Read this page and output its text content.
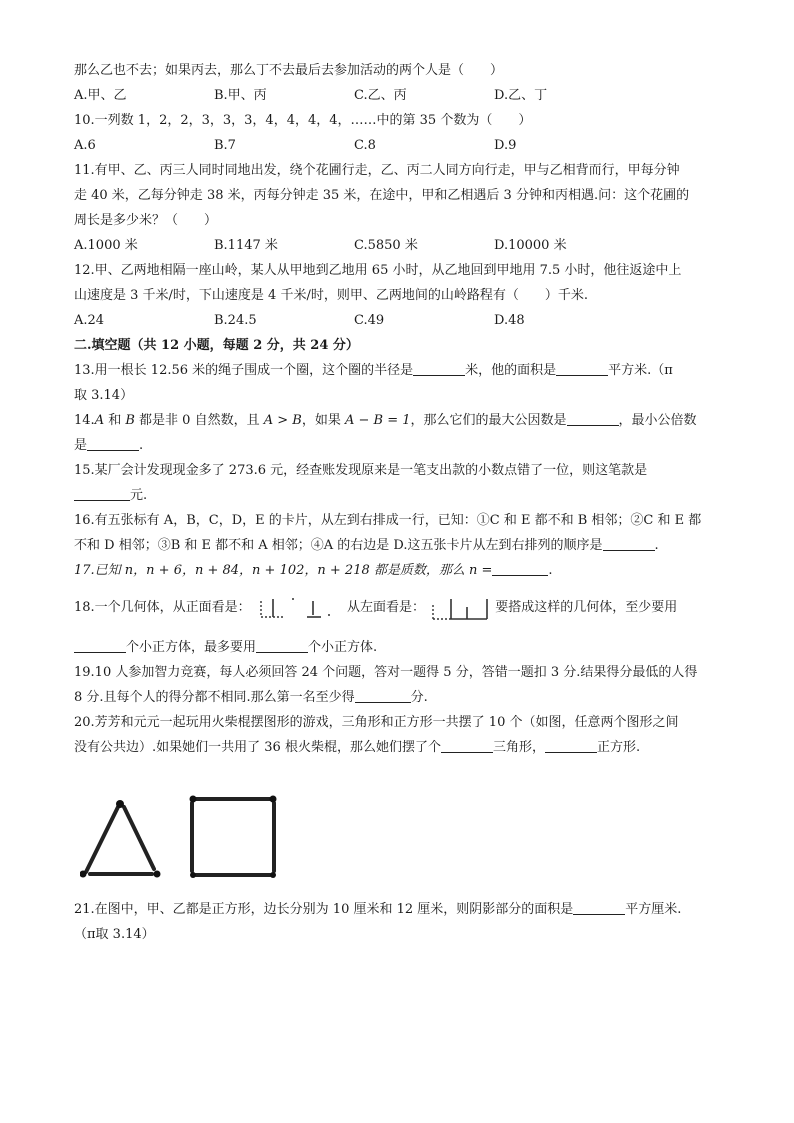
那么乙也不去；如果丙去，那么丁不去最后去参加活动的两个人是（　　）
A.甲、乙	B.甲、丙	C.乙、丙	D.乙、丁
10.一列数 1，2，2，3，3，3，4，4，4，4，……中的第 35 个数为（　　）
A.6	B.7	C.8	D.9
11.有甲、乙、丙三人同时同地出发，绕个花圃行走，乙、丙二人同方向行走，甲与乙相背而行，甲每分钟
走 40 米，乙每分钟走 38 米，丙每分钟走 35 米，在途中，甲和乙相遇后 3 分钟和丙相遇.问：这个花圃的
周长是多少米？（　　）
A.1000 米	B.1147 米	C.5850 米	D.10000 米
12.甲、乙两地相隔一座山岭，某人从甲地到乙地用 65 小时，从乙地回到甲地用 7.5 小时，他往返途中上
山速度是 3 千米/时，下山速度是 4 千米/时，则甲、乙两地间的山岭路程有（　　）千米.
A.24	B.24.5	C.49	D.48
二.填空题（共 12 小题，每题 2 分，共 24 分）
13.用一根长 12.56 米的绳子围成一个圈，这个圈的半径是	米，他的面积是	平方米.（π
取 3.14）
14.A 和 B 都是非 0 自然数，且 A > B，如果 A − B = 1，那么它们的最大公因数是	，最小公倍数
是	.
15.某厂会计发现现金多了 273.6 元，经查账发现原来是一笔支出款的小数点错了一位，则这笔款是
元.
16.有五张标有 A，B，C，D，E 的卡片，从左到右排成一行，已知：①C 和 E 都不和 B 相邻；②C 和 E 都
不和 D 相邻；③B 和 E 都不和 A 相邻；④A 的右边是 D.这五张卡片从左到右排列的顺序是	.
17.已知 n，n + 6，n + 84，n + 102，n + 218 都是质数，那么 n =	.
18.一个几何体，从正面看是：	从左面看是：	要搭成这样的几何体，至少要用
个小正方体，最多要用	个小正方体.
19.10 人参加智力竞赛，每人必须回答 24 个问题，答对一题得 5 分，答错一题扣 3 分.结果得分最低的人得
8 分.且每个人的得分都不相同.那么第一名至少得	分.
20.芳芳和元元一起玩用火柴棍摆图形的游戏，三角形和正方形一共摆了 10 个（如图，任意两个图形之间
没有公共边）.如果她们一共用了 36 根火柴棍，那么她们摆了个	三角形，	正方形.
21.在图中，甲、乙都是正方形，边长分别为 10 厘米和 12 厘米，则阴影部分的面积是	平方厘米.
（π取 3.14）
